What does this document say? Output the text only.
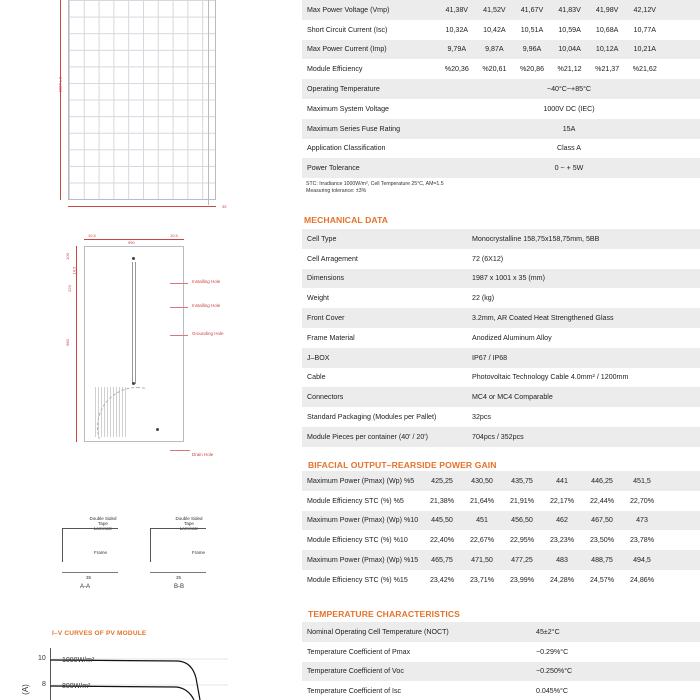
1987 ± 2
35
10.5
990
10.5
100
10.5
220
980
Installing Hole
Installing Hole
Grounding Hole
Drain Hole
Double Sided Tape
Laminate
Frame
35
A-A
Double Sided Tape
Laminate
Frame
35
B-B
I–V CURVES OF PV MODULE
(A)
10
8
1000W/m²
800W/m²
Max Power Voltage (Vmp)	41,38V	41,52V	41,67V	41,83V	41,98V	42,12V
Short Circuit Current (Isc)	10,32A	10,42A	10,51A	10,59A	10,68A	10,77A
Max Power Current (Imp)	9,79A	9,87A	9,96A	10,04A	10,12A	10,21A
Module Efficiency	%20,36	%20,61	%20,86	%21,12	%21,37	%21,62
Operating Temperature	−40°C~+85°C
Maximum System Voltage	1000V DC (IEC)
Maximum Series Fuse Rating	15A
Application Classification	Class A
Power Tolerance	0 ~ + 5W
STC: Irradiance 1000W/m², Cell Temperature 25°C, AM=1.5
Measuring tolerance: ±3%
MECHANICAL DATA
Cell Type	Monocrystalline 158,75x158,75mm, 5BB
Cell Arragement	72 (6X12)
Dimensions	1987 x 1001 x 35 (mm)
Weight	22 (kg)
Front Cover	3.2mm, AR Coated Heat Strengthened Glass
Frame Material	Anodized Aluminum Alloy
J–BOX	IP67 / IP68
Cable	Photovoltaic Technology Cable 4.0mm² / 1200mm
Connectors	MC4 or MC4 Comparable
Standard Packaging (Modules per Pallet)	32pcs
Module Pieces per container (40' / 20')	704pcs / 352pcs
BIFACIAL OUTPUT–REARSIDE POWER GAIN
Maximum Power (Pmax) (Wp) %5	425,25	430,50	435,75	441	446,25	451,5
Module Efficiency STC (%) %5	21,38%	21,64%	21,91%	22,17%	22,44%	22,70%
Maximum Power (Pmax) (Wp) %10	445,50	451	456,50	462	467,50	473
Module Efficiency STC (%) %10	22,40%	22,67%	22,95%	23,23%	23,50%	23,78%
Maximum Power (Pmax) (Wp) %15	465,75	471,50	477,25	483	488,75	494,5
Module Efficiency STC (%) %15	23,42%	23,71%	23,99%	24,28%	24,57%	24,86%
TEMPERATURE CHARACTERISTICS
Nominal Operating Cell Temperature (NOCT)	45±2°C
Temperature Coefficient of Pmax	−0.29%°C
Temperature Coefficient of Voc	−0.250%°C
Temperature Coefficient of Isc	0.045%°C
